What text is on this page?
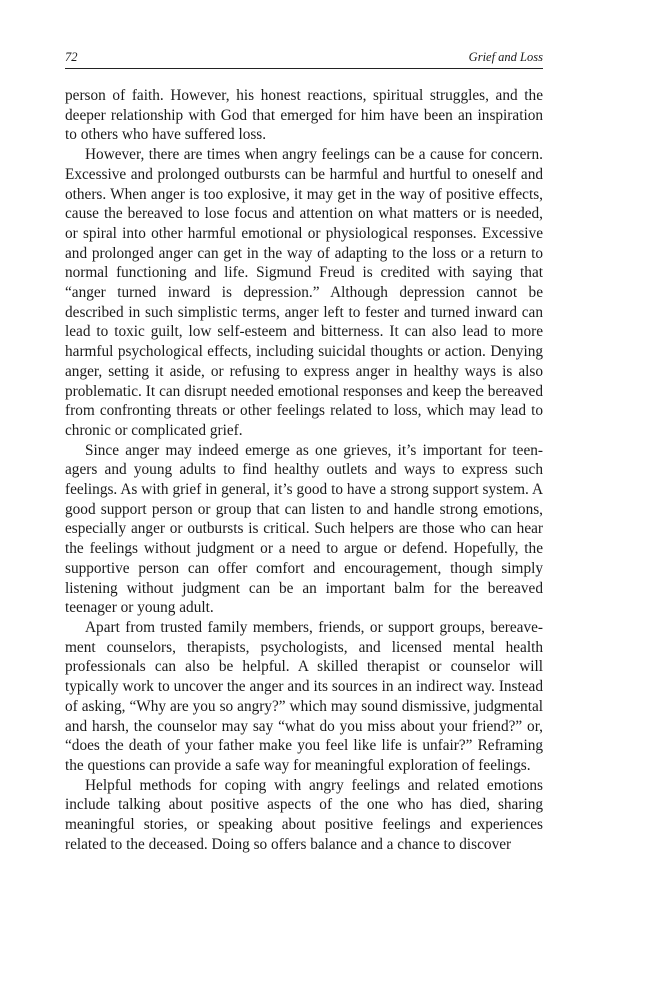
72	Grief and Loss

person of faith. However, his honest reactions, spiritual struggles, and the deeper relationship with God that emerged for him have been an inspiration to others who have suffered loss.

However, there are times when angry feelings can be a cause for concern. Excessive and prolonged outbursts can be harmful and hurtful to oneself and others. When anger is too explosive, it may get in the way of positive effects, cause the bereaved to lose focus and attention on what matters or is needed, or spiral into other harmful emotional or physiological responses. Excessive and prolonged anger can get in the way of adapting to the loss or a return to normal functioning and life. Sigmund Freud is credited with saying that “anger turned inward is depression.” Although depression cannot be described in such simplistic terms, anger left to fester and turned inward can lead to toxic guilt, low self-esteem and bitterness. It can also lead to more harmful psychological effects, including suicidal thoughts or action. Denying anger, setting it aside, or refusing to express anger in healthy ways is also problematic. It can disrupt needed emotional responses and keep the bereaved from confronting threats or other feelings related to loss, which may lead to chronic or complicated grief.

Since anger may indeed emerge as one grieves, it’s important for teenagers and young adults to find healthy outlets and ways to express such feelings. As with grief in general, it’s good to have a strong support system. A good support person or group that can listen to and handle strong emotions, especially anger or outbursts is critical. Such helpers are those who can hear the feelings without judgment or a need to argue or defend. Hopefully, the supportive person can offer comfort and encouragement, though simply listening without judgment can be an important balm for the bereaved teenager or young adult.

Apart from trusted family members, friends, or support groups, bereavement counselors, therapists, psychologists, and licensed mental health professionals can also be helpful. A skilled therapist or counselor will typically work to uncover the anger and its sources in an indirect way. Instead of asking, “Why are you so angry?” which may sound dismissive, judgmental and harsh, the counselor may say “what do you miss about your friend?” or, “does the death of your father make you feel like life is unfair?” Reframing the questions can provide a safe way for meaningful exploration of feelings.

Helpful methods for coping with angry feelings and related emotions include talking about positive aspects of the one who has died, sharing meaningful stories, or speaking about positive feelings and experiences related to the deceased. Doing so offers balance and a chance to discover
